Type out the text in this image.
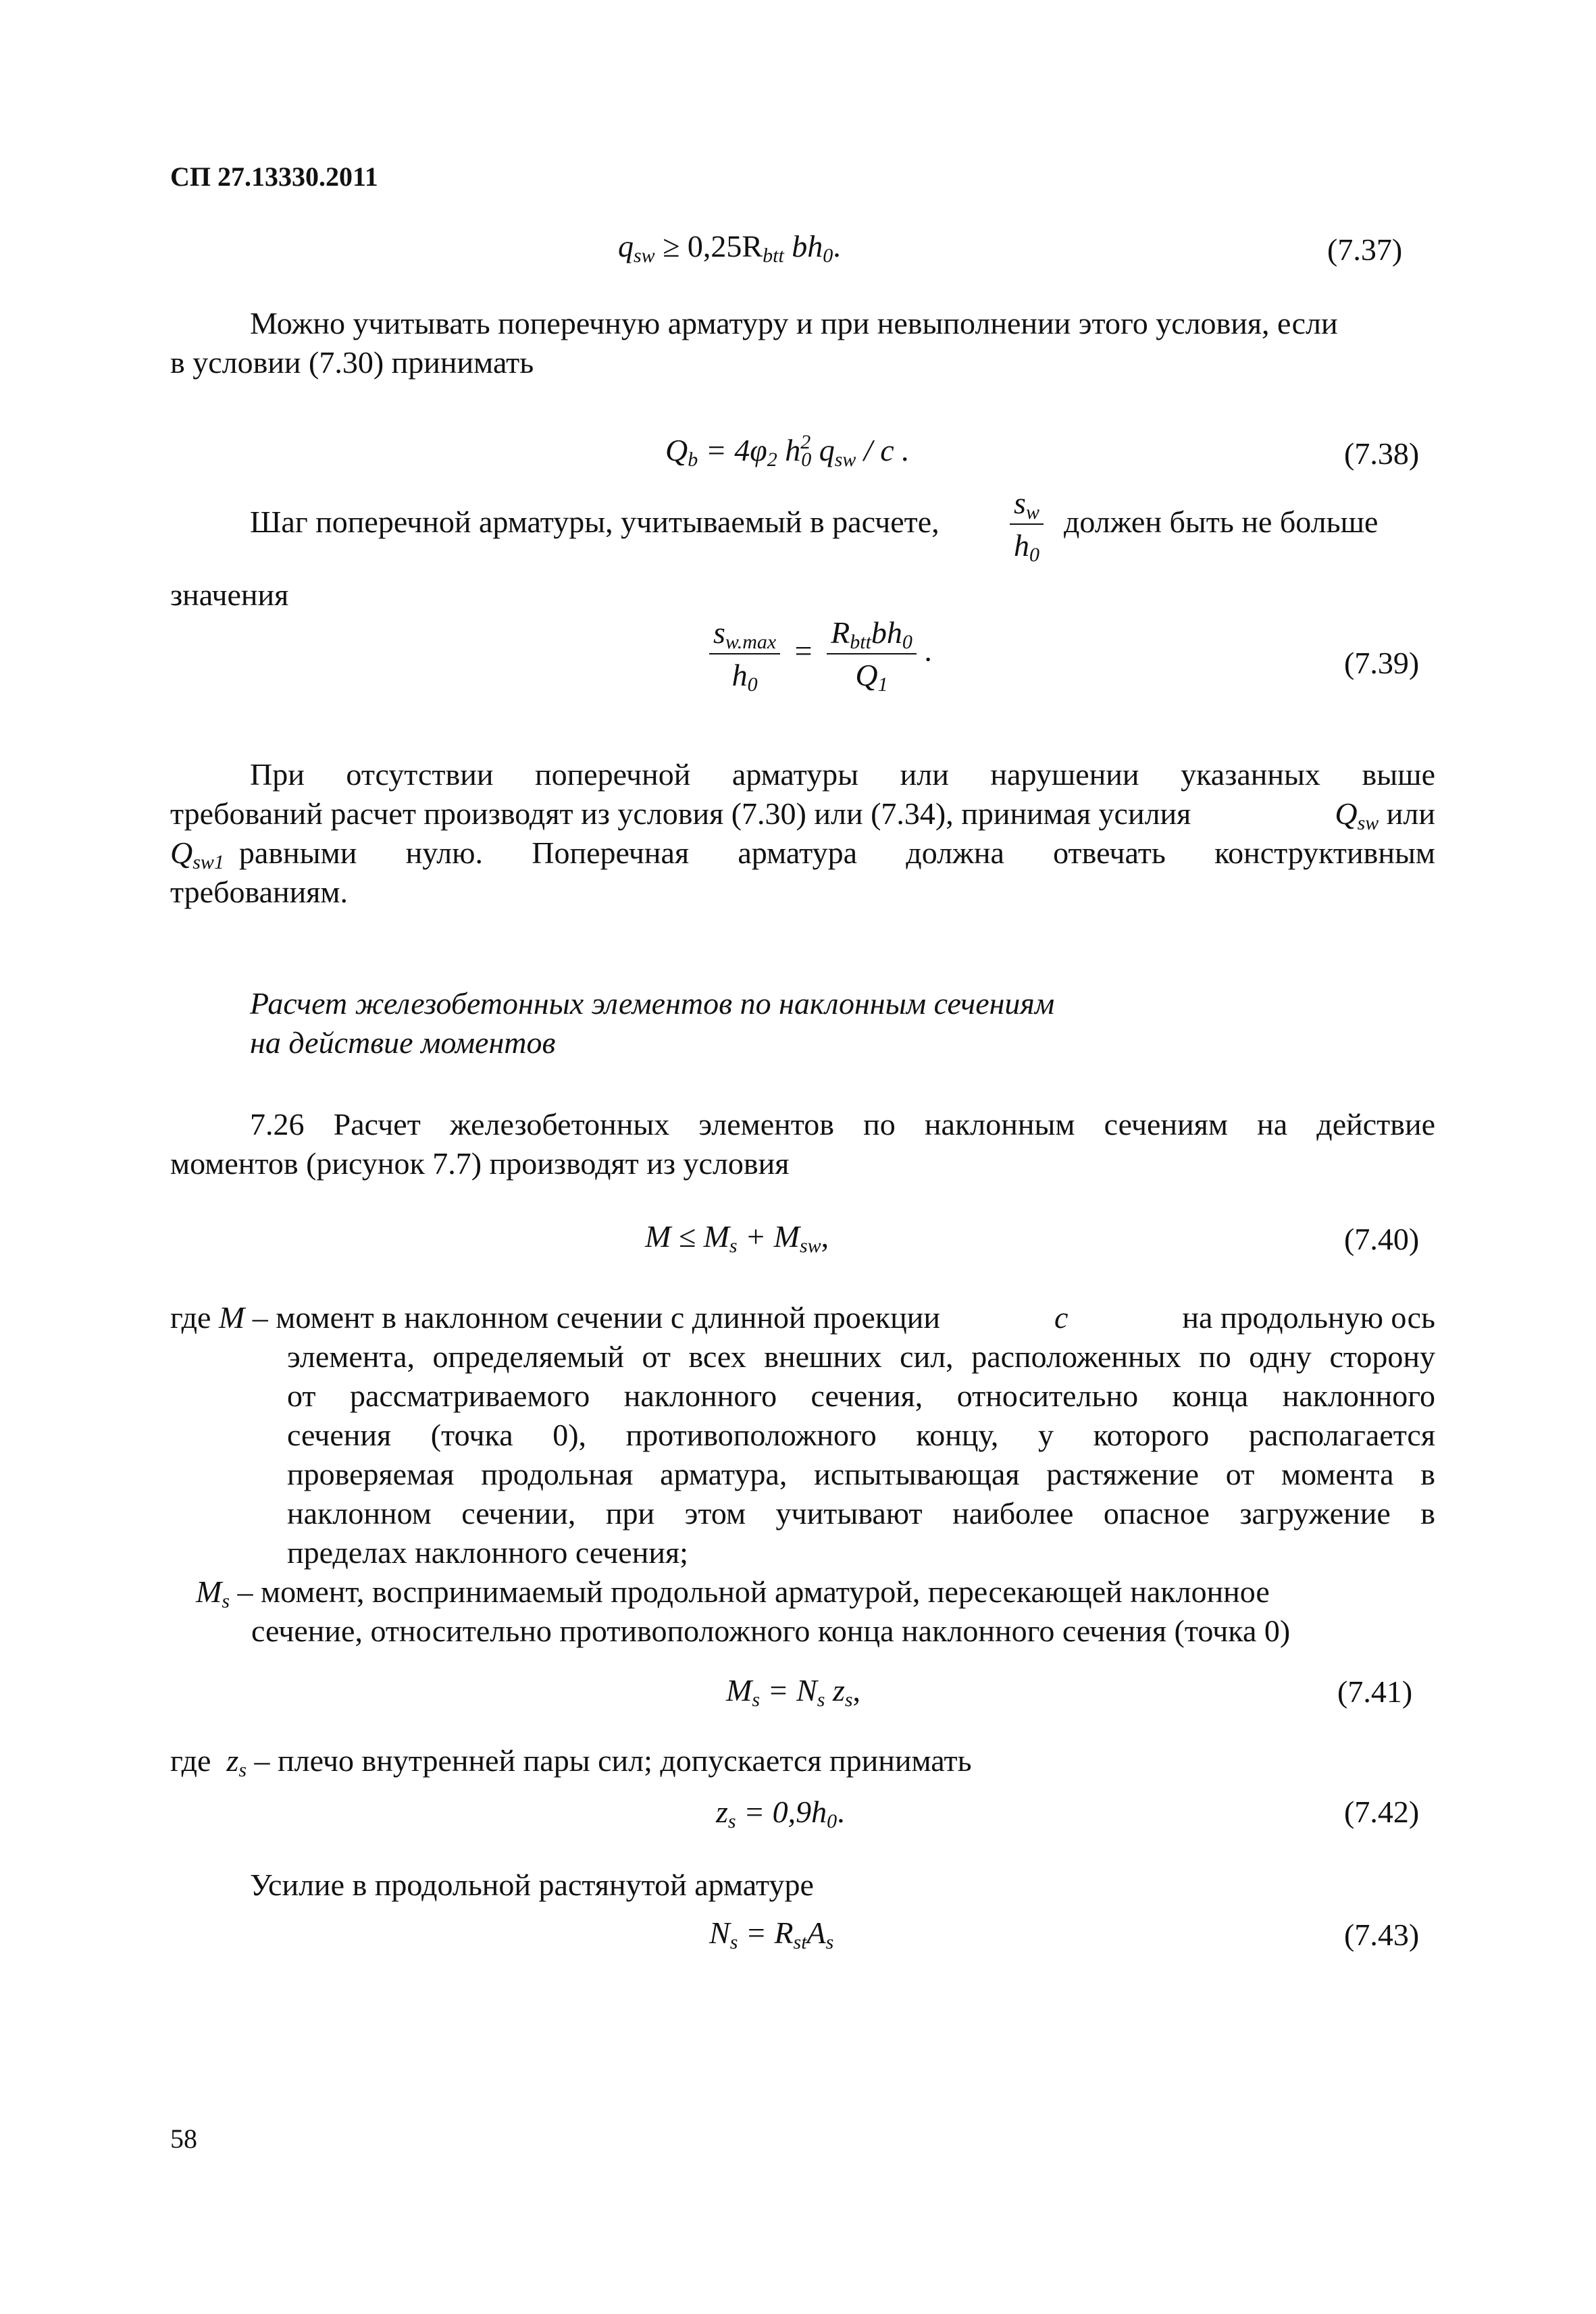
СП 27.13330.2011
$q_{sw} \ge 0,25R_{btt}$ $bh_0$.	(7.37)
Можно учитывать поперечную арматуру и при невыполнении этого условия, если
в условии (7.30) принимать
$Q_b = 4\varphi_2$ $h^2_0$ $q_{sw}$ / c .	(7.38)
Шаг поперечной арматуры, учитываемый в расчете, $\frac{s_w}{h_0}$ должен быть не больше
значения
$\frac{s_{w.max}}{h_0} = \frac{R_{btt}bh_0}{Q_1}$ .	(7.39)
При отсутствии поперечной арматуры или нарушении указанных выше
требований расчет производят из условия (7.30) или (7.34), принимая усилия	$Q_{sw}$ или
$Q_{sw1}$ равными нулю. Поперечная арматура должна отвечать конструктивным
требованиям.
Расчет железобетонных элементов по наклонным сечениям
на действие моментов
7.26 Расчет железобетонных элементов по наклонным сечениям на действие
моментов (рисунок 7.7) производят из условия
$M \le M_s + M_{sw}$,	(7.40)
где M – момент в наклонном сечении с длинной проекции	c	на продольную ось
элемента, определяемый от всех внешних сил, расположенных по одну сторону
от рассматриваемого наклонного сечения, относительно конца наклонного
сечения (точка 0), противоположного концу, у которого располагается
проверяемая продольная арматура, испытывающая растяжение от момента в
наклонном сечении, при этом учитывают наиболее опасное загружение в
пределах наклонного сечения;
$M_s$ – момент, воспринимаемый продольной арматурой, пересекающей наклонное
сечение, относительно противоположного конца наклонного сечения (точка 0)
$M_s = N_s$ $z_s$,	(7.41)
где $z_s$ – плечо внутренней пары сил; допускается принимать
$z_s = 0,9h_0$.	(7.42)
Усилие в продольной растянутой арматуре
$N_s = R_{st}A_s$	(7.43)
58
